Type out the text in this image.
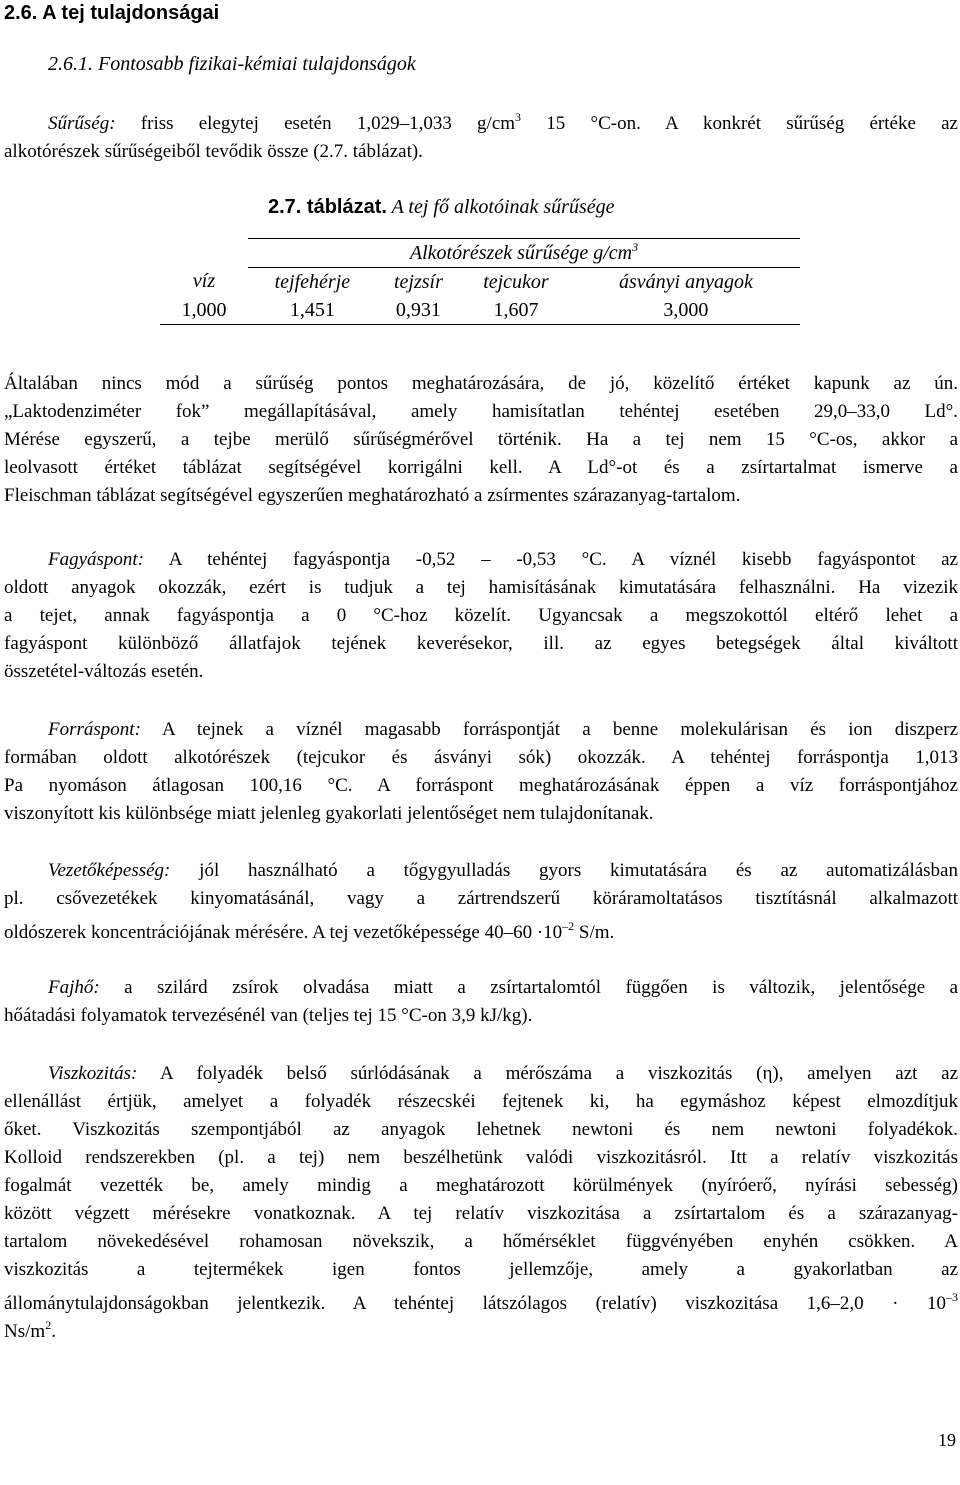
2.6. A tej tulajdonságai
2.6.1. Fontosabb fizikai-kémiai tulajdonságok
Sűrűség: friss elegytej esetén 1,029–1,033 $g/cm^3$ 15 °C-on. A konkrét sűrűség értéke az
alkotórészek sűrűségeiből tevődik össze (2.7. táblázat).
2.7. táblázat. A tej fő alkotóinak sűrűsége
	Alkotórészek sűrűsége $g/cm^3$
víz	tejfehérje	tejzsír	tejcukor	ásványi anyagok
1,000	1,451	0,931	1,607	3,000
Általában nincs mód a sűrűség pontos meghatározására, de jó, közelítő értéket kapunk az ún.
„Laktodenziméter fok” megállapításával, amely hamisítatlan tehéntej esetében 29,0–33,0 Ld°.
Mérése egyszerű, a tejbe merülő sűrűségmérővel történik. Ha a tej nem 15 °C-os, akkor a
leolvasott értéket táblázat segítségével korrigálni kell. A Ld°-ot és a zsírtartalmat ismerve a
Fleischman táblázat segítségével egyszerűen meghatározható a zsírmentes szárazanyag-tartalom.
Fagyáspont: A tehéntej fagyáspontja -0,52 – -0,53 °C. A víznél kisebb fagyáspontot az
oldott anyagok okozzák, ezért is tudjuk a tej hamisításának kimutatására felhasználni. Ha vizezik
a tejet, annak fagyáspontja a 0 °C-hoz közelít. Ugyancsak a megszokottól eltérő lehet a
fagyáspont különböző állatfajok tejének keverésekor, ill. az egyes betegségek által kiváltott
összetétel-változás esetén.
Forráspont: A tejnek a víznél magasabb forráspontját a benne molekulárisan és ion diszperz
formában oldott alkotórészek (tejcukor és ásványi sók) okozzák. A tehéntej forráspontja 1,013
Pa nyomáson átlagosan 100,16 °C. A forráspont meghatározásának éppen a víz forráspontjához
viszonyított kis különbsége miatt jelenleg gyakorlati jelentőséget nem tulajdonítanak.
Vezetőképesség: jól használható a tőgygyulladás gyors kimutatására és az automatizálásban
pl. csővezetékek kinyomatásánál, vagy a zártrendszerű köráramoltatásos tisztításnál alkalmazott
oldószerek koncentrációjának mérésére. A tej vezetőképessége $40-60 \cdot 10^{-2}$ S/m.
Fajhő: a szilárd zsírok olvadása miatt a zsírtartalomtól függően is változik, jelentősége a
hőátadási folyamatok tervezésénél van (teljes tej 15 °C-on 3,9 kJ/kg).
Viszkozitás: A folyadék belső súrlódásának a mérőszáma a viszkozitás (η), amelyen azt az
ellenállást értjük, amelyet a folyadék részecskéi fejtenek ki, ha egymáshoz képest elmozdítjuk
őket. Viszkozitás szempontjából az anyagok lehetnek newtoni és nem newtoni folyadékok.
Kolloid rendszerekben (pl. a tej) nem beszélhetünk valódi viszkozitásról. Itt a relatív viszkozitás
fogalmát vezették be, amely mindig a meghatározott körülmények (nyíróerő, nyírási sebesség)
között végzett mérésekre vonatkoznak. A tej relatív viszkozitása a zsírtartalom és a szárazanyag-
tartalom növekedésével rohamosan növekszik, a hőmérséklet függvényében enyhén csökken. A
viszkozitás a tejtermékek igen fontos jellemzője, amely a gyakorlatban az
állománytulajdonságokban jelentkezik. A tehéntej látszólagos (relatív) viszkozitása $1,6-2,0 \cdot 10^{-3}$
$Ns/m^2$.
19
